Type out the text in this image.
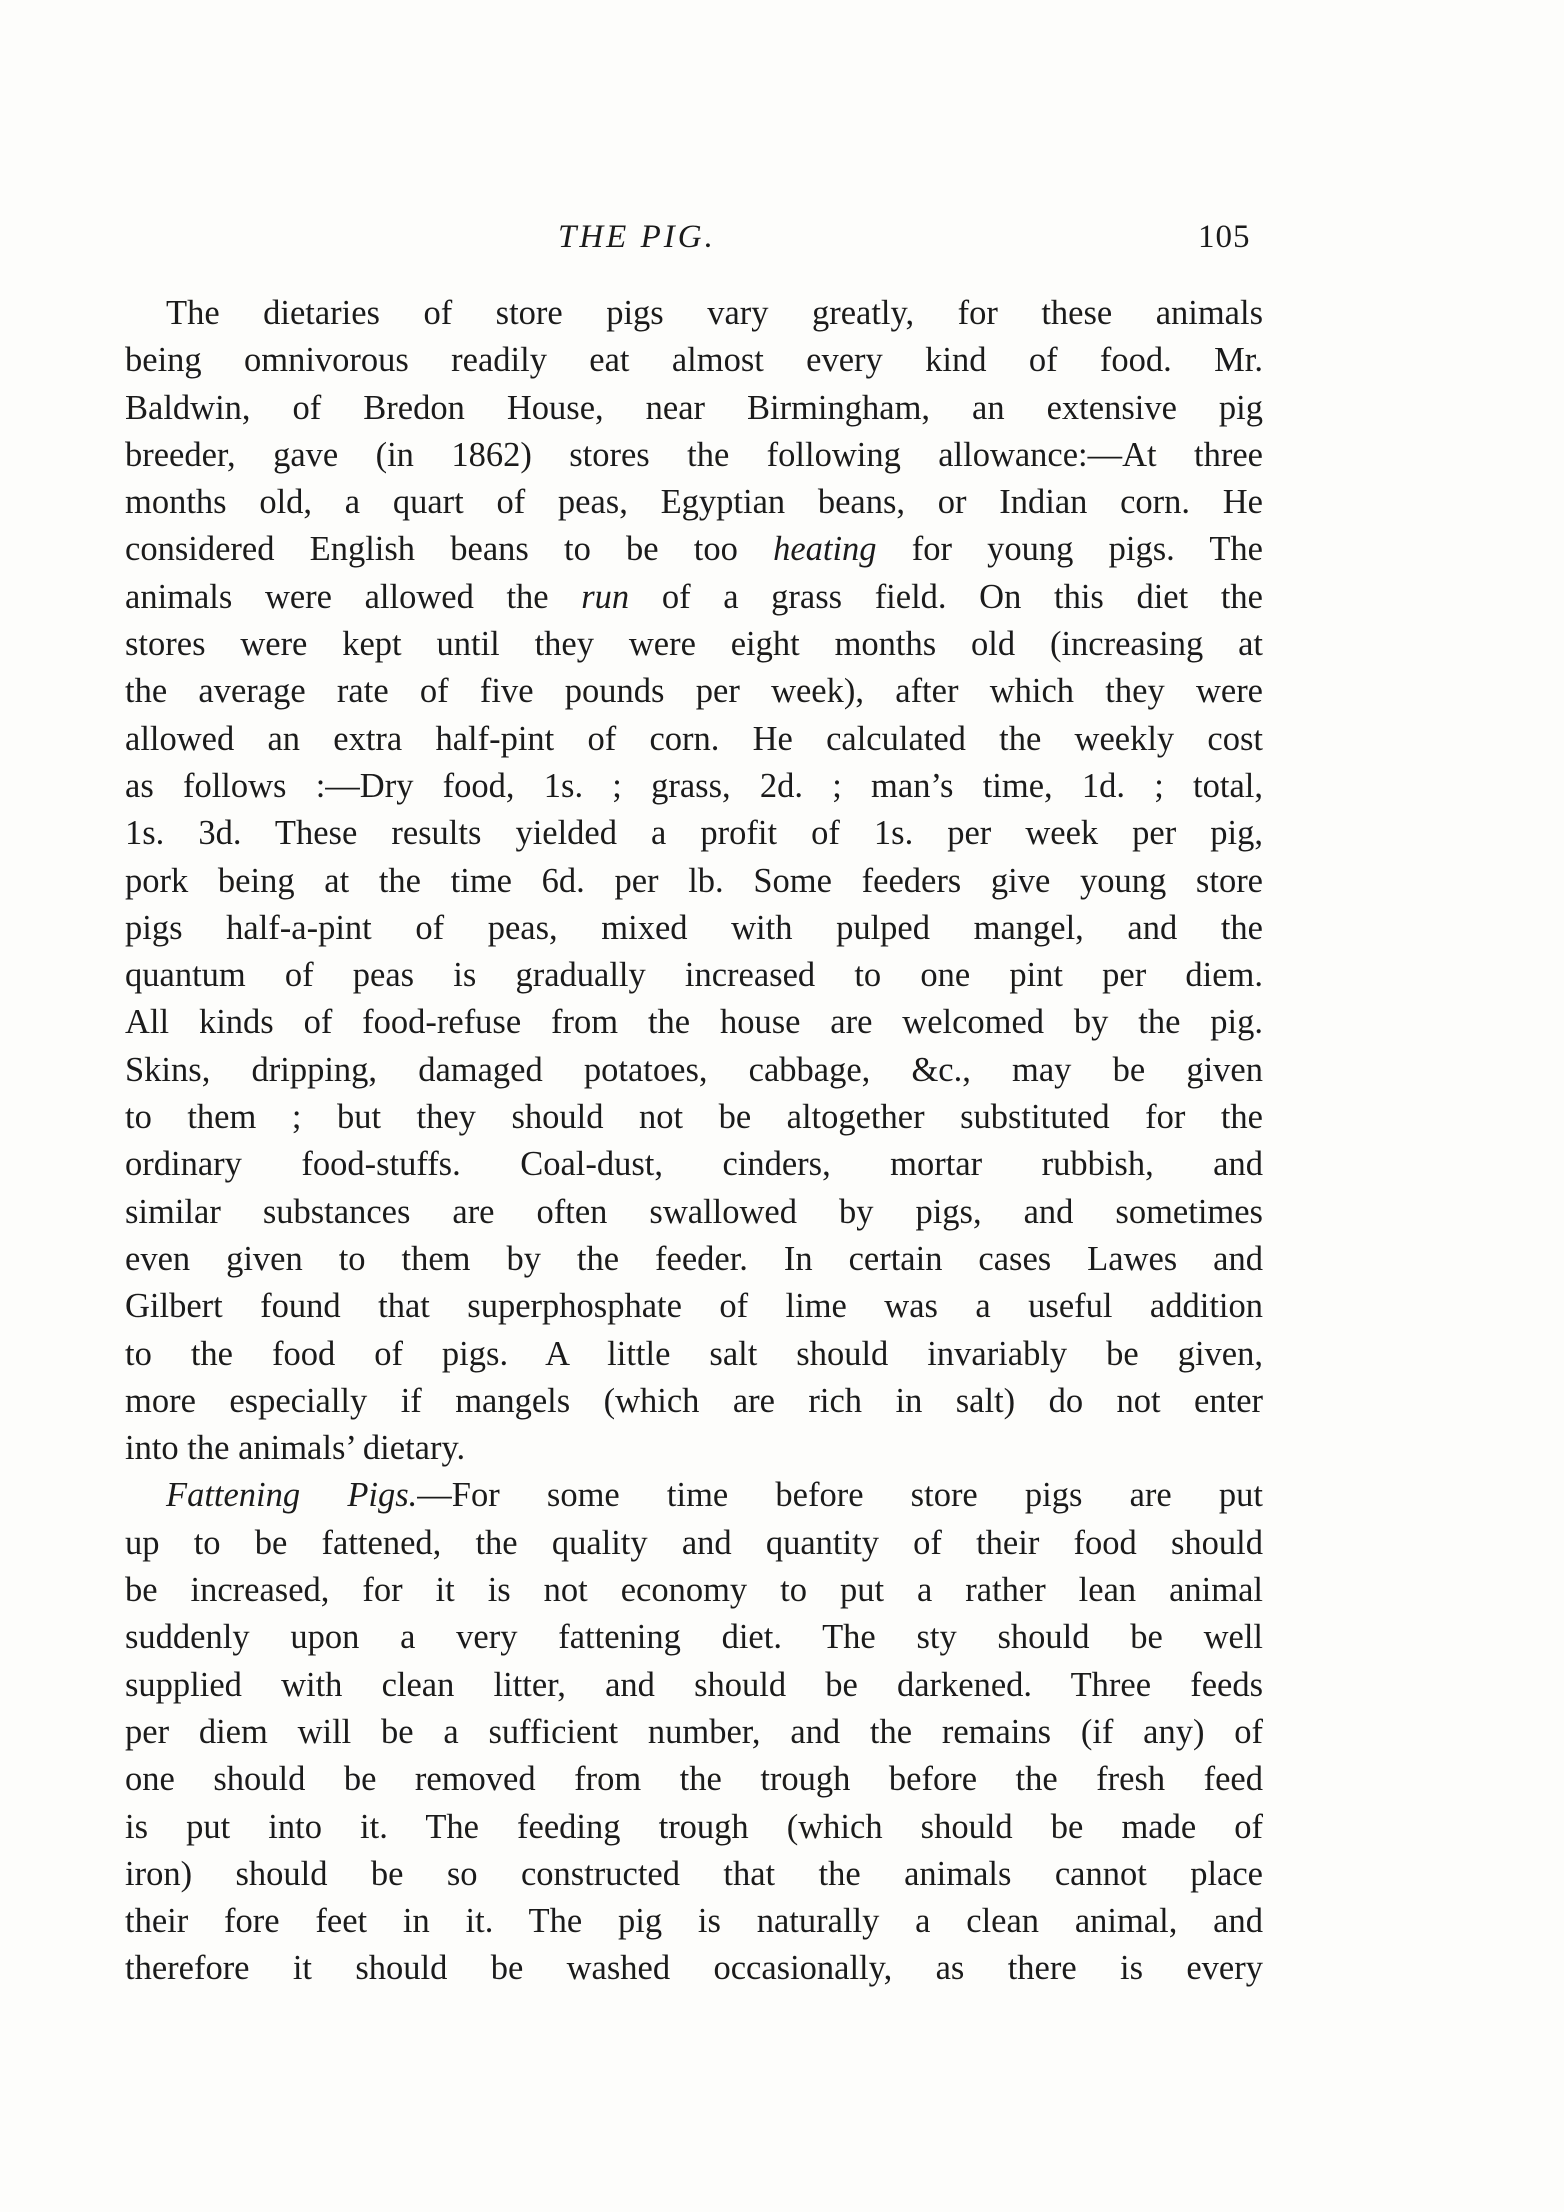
THE PIG.	105
The dietaries of store pigs vary greatly, for these animals
being omnivorous readily eat almost every kind of food. Mr.
Baldwin, of Bredon House, near Birmingham, an extensive pig
breeder, gave (in 1862) stores the following allowance:—At three
months old, a quart of peas, Egyptian beans, or Indian corn. He
considered English beans to be too heating for young pigs. The
animals were allowed the run of a grass field. On this diet the
stores were kept until they were eight months old (increasing at
the average rate of five pounds per week), after which they were
allowed an extra half-pint of corn. He calculated the weekly cost
as follows :—Dry food, 1s. ; grass, 2d. ; man’s time, 1d. ; total,
1s. 3d. These results yielded a profit of 1s. per week per pig,
pork being at the time 6d. per lb. Some feeders give young store
pigs half-a-pint of peas, mixed with pulped mangel, and the
quantum of peas is gradually increased to one pint per diem.
All kinds of food-refuse from the house are welcomed by the pig.
Skins, dripping, damaged potatoes, cabbage, &c., may be given
to them ; but they should not be altogether substituted for the
ordinary food-stuffs. Coal-dust, cinders, mortar rubbish, and
similar substances are often swallowed by pigs, and sometimes
even given to them by the feeder. In certain cases Lawes and
Gilbert found that superphosphate of lime was a useful addition
to the food of pigs. A little salt should invariably be given,
more especially if mangels (which are rich in salt) do not enter
into the animals’ dietary.
Fattening Pigs.—For some time before store pigs are put
up to be fattened, the quality and quantity of their food should
be increased, for it is not economy to put a rather lean animal
suddenly upon a very fattening diet. The sty should be well
supplied with clean litter, and should be darkened. Three feeds
per diem will be a sufficient number, and the remains (if any) of
one should be removed from the trough before the fresh feed
is put into it. The feeding trough (which should be made of
iron) should be so constructed that the animals cannot place
their fore feet in it. The pig is naturally a clean animal, and
therefore it should be washed occasionally, as there is every
